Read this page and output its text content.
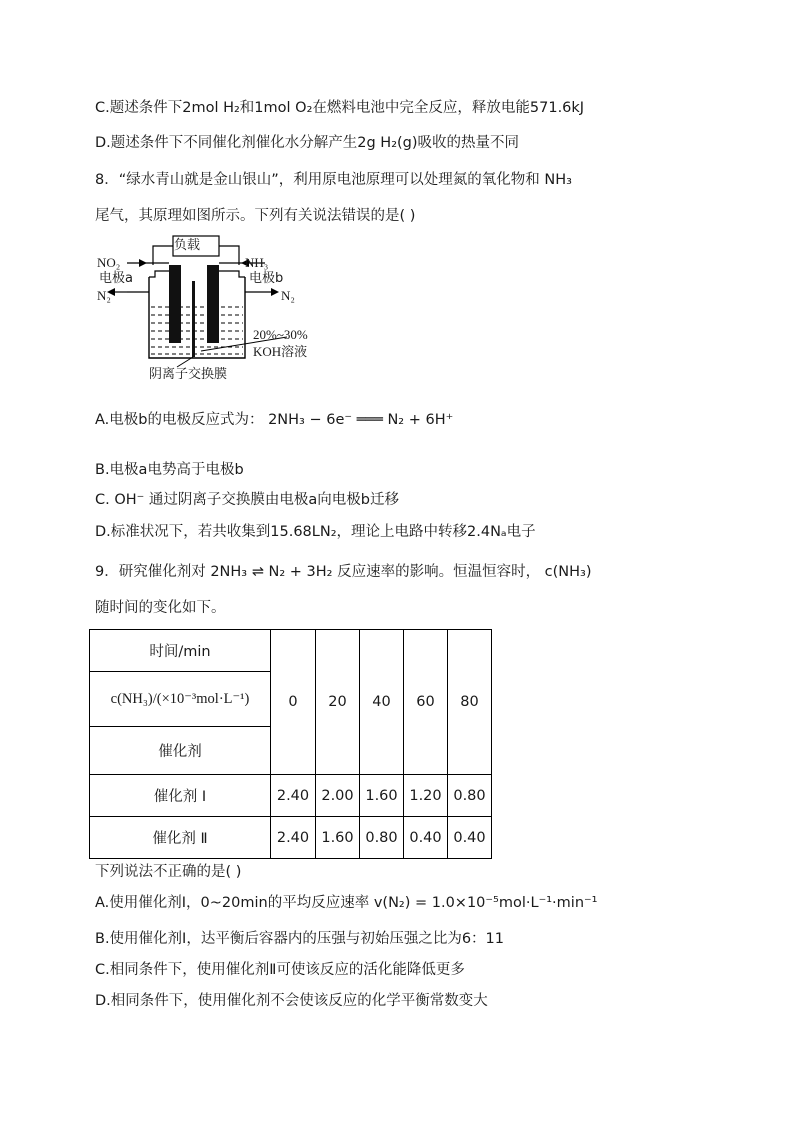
C.题述条件下2mol H₂和1mol O₂在燃料电池中完全反应，释放电能571.6kJ
D.题述条件下不同催化剂催化水分解产生2g H₂(g)吸收的热量不同
8．“绿水青山就是金山银山”，利用原电池原理可以处理氮的氧化物和 NH₃
尾气，其原理如图所示。下列有关说法错误的是( )
负载
NO₂	NH₃
电极a	电极b
N₂	N₂
20%~30%
KOH溶液
阴离子交换膜
A.电极b的电极反应式为： 2NH₃ − 6e⁻ ═══ N₂ + 6H⁺
B.电极a电势高于电极b
C. OH⁻ 通过阴离子交换膜由电极a向电极b迁移
D.标准状况下，若共收集到15.68LN₂，理论上电路中转移2.4Nₐ电子
9．研究催化剂对 2NH₃ ⇌ N₂ + 3H₂ 反应速率的影响。恒温恒容时， c(NH₃)
随时间的变化如下。
时间/min	0	20	40	60	80
c(NH₃)/(×10⁻³mol·L⁻¹)					
催化剂					
催化剂 Ⅰ	2.40	2.00	1.60	1.20	0.80
催化剂 Ⅱ	2.40	1.60	0.80	0.40	0.40
下列说法不正确的是( )
A.使用催化剂Ⅰ，0~20min的平均反应速率 v(N₂) = 1.0×10⁻⁵mol·L⁻¹·min⁻¹
B.使用催化剂Ⅰ，达平衡后容器内的压强与初始压强之比为6：11
C.相同条件下，使用催化剂Ⅱ可使该反应的活化能降低更多
D.相同条件下，使用催化剂不会使该反应的化学平衡常数变大
